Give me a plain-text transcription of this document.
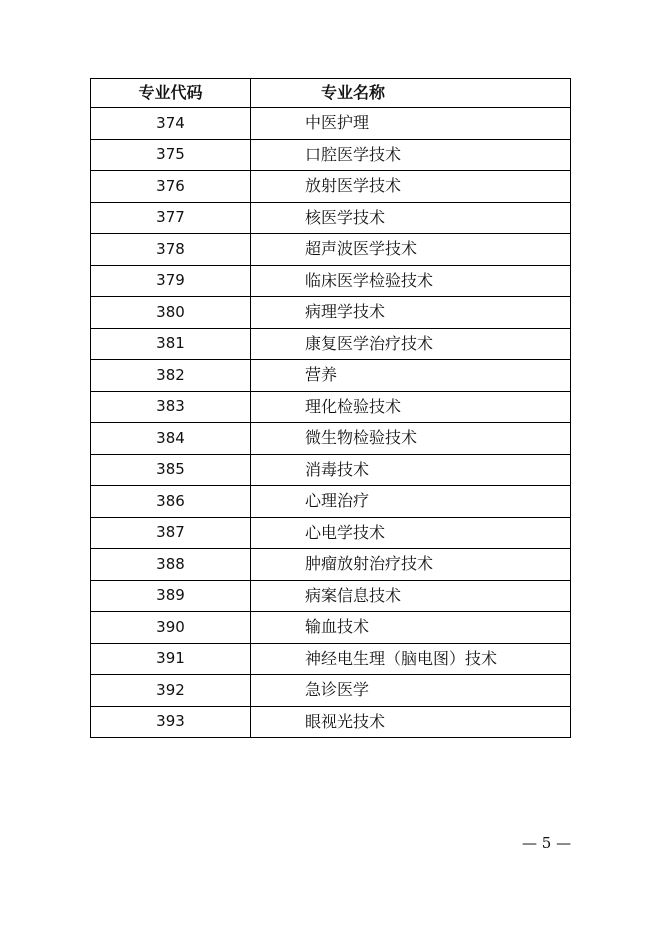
专业代码	专业名称
374	中医护理
375	口腔医学技术
376	放射医学技术
377	核医学技术
378	超声波医学技术
379	临床医学检验技术
380	病理学技术
381	康复医学治疗技术
382	营养
383	理化检验技术
384	微生物检验技术
385	消毒技术
386	心理治疗
387	心电学技术
388	肿瘤放射治疗技术
389	病案信息技术
390	输血技术
391	神经电生理（脑电图）技术
392	急诊医学
393	眼视光技术
— 5 —
